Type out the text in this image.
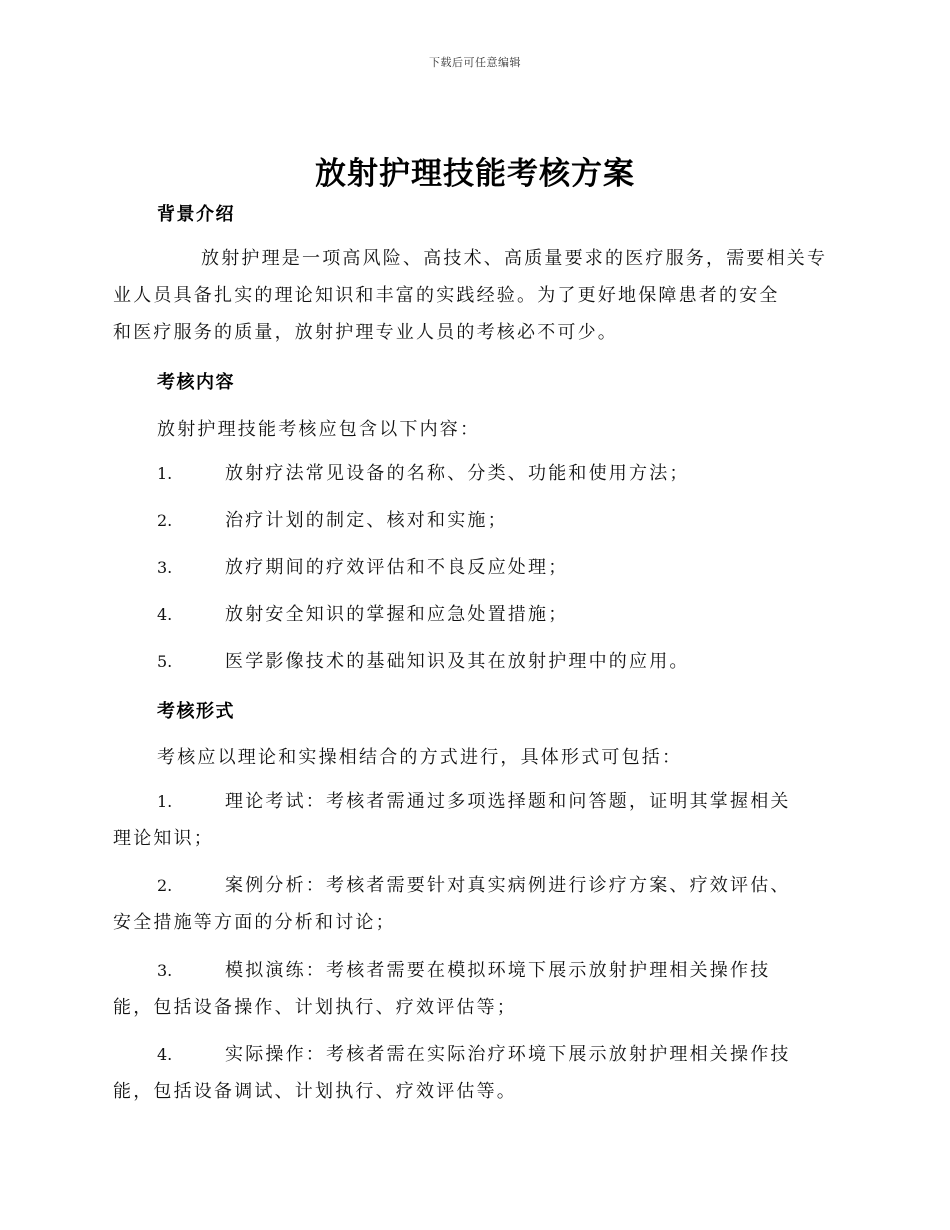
下载后可任意编辑
放射护理技能考核方案
背景介绍
放射护理是一项高风险、高技术、高质量要求的医疗服务，需要相关专
业人员具备扎实的理论知识和丰富的实践经验。为了更好地保障患者的安全
和医疗服务的质量，放射护理专业人员的考核必不可少。
考核内容
放射护理技能考核应包含以下内容：
1.	放射疗法常见设备的名称、分类、功能和使用方法；
2.	治疗计划的制定、核对和实施；
3.	放疗期间的疗效评估和不良反应处理；
4.	放射安全知识的掌握和应急处置措施；
5.	医学影像技术的基础知识及其在放射护理中的应用。
考核形式
考核应以理论和实操相结合的方式进行，具体形式可包括：
1.	理论考试：考核者需通过多项选择题和问答题，证明其掌握相关
理论知识；
2.	案例分析：考核者需要针对真实病例进行诊疗方案、疗效评估、
安全措施等方面的分析和讨论；
3.	模拟演练：考核者需要在模拟环境下展示放射护理相关操作技
能，包括设备操作、计划执行、疗效评估等；
4.	实际操作：考核者需在实际治疗环境下展示放射护理相关操作技
能，包括设备调试、计划执行、疗效评估等。
